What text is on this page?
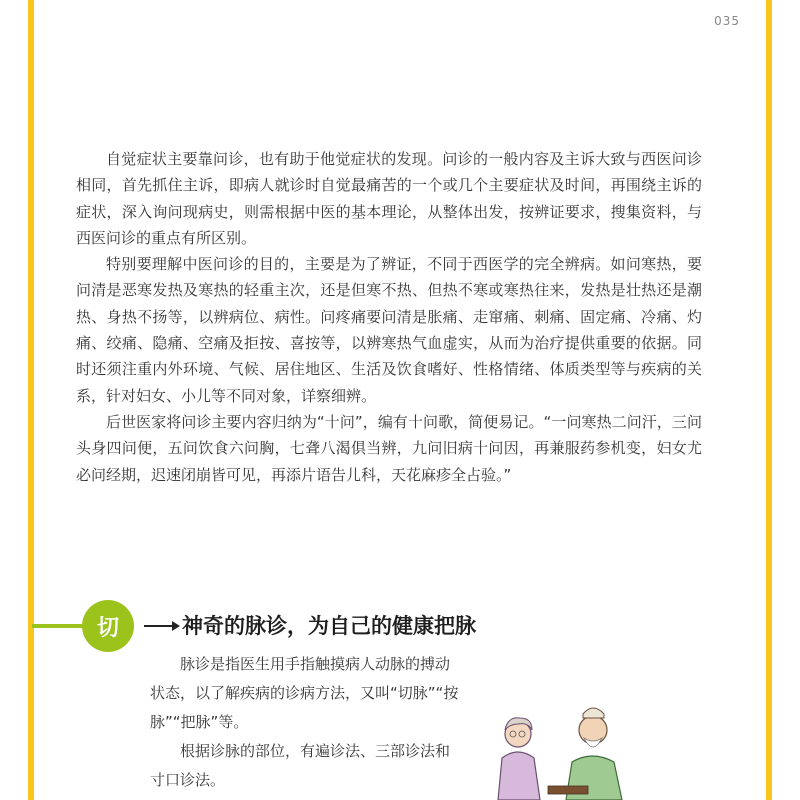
035

自觉症状主要靠问诊，也有助于他觉症状的发现。问诊的一般内容及主诉大致与西医问诊相同，首先抓住主诉，即病人就诊时自觉最痛苦的一个或几个主要症状及时间，再围绕主诉的症状，深入询问现病史，则需根据中医的基本理论，从整体出发，按辨证要求，搜集资料，与西医问诊的重点有所区别。

特别要理解中医问诊的目的，主要是为了辨证，不同于西医学的完全辨病。如问寒热，要问清是恶寒发热及寒热的轻重主次，还是但寒不热、但热不寒或寒热往来，发热是壮热还是潮热、身热不扬等，以辨病位、病性。问疼痛要问清是胀痛、走窜痛、刺痛、固定痛、冷痛、灼痛、绞痛、隐痛、空痛及拒按、喜按等，以辨寒热气血虚实，从而为治疗提供重要的依据。同时还须注重内外环境、气候、居住地区、生活及饮食嗜好、性格情绪、体质类型等与疾病的关系，针对妇女、小儿等不同对象，详察细辨。

后世医家将问诊主要内容归纳为“十问”，编有十问歌，简便易记。“一问寒热二问汗，三问头身四问便，五问饮食六问胸，七聋八渴俱当辨，九问旧病十问因，再兼服药参机变，妇女尤必问经期，迟速闭崩皆可见，再添片语告儿科，天花麻疹全占验。”

切	神奇的脉诊，为自己的健康把脉

脉诊是指医生用手指触摸病人动脉的搏动状态，以了解疾病的诊病方法，又叫“切脉”“按脉”“把脉”等。

根据诊脉的部位，有遍诊法、三部诊法和寸口诊法。
